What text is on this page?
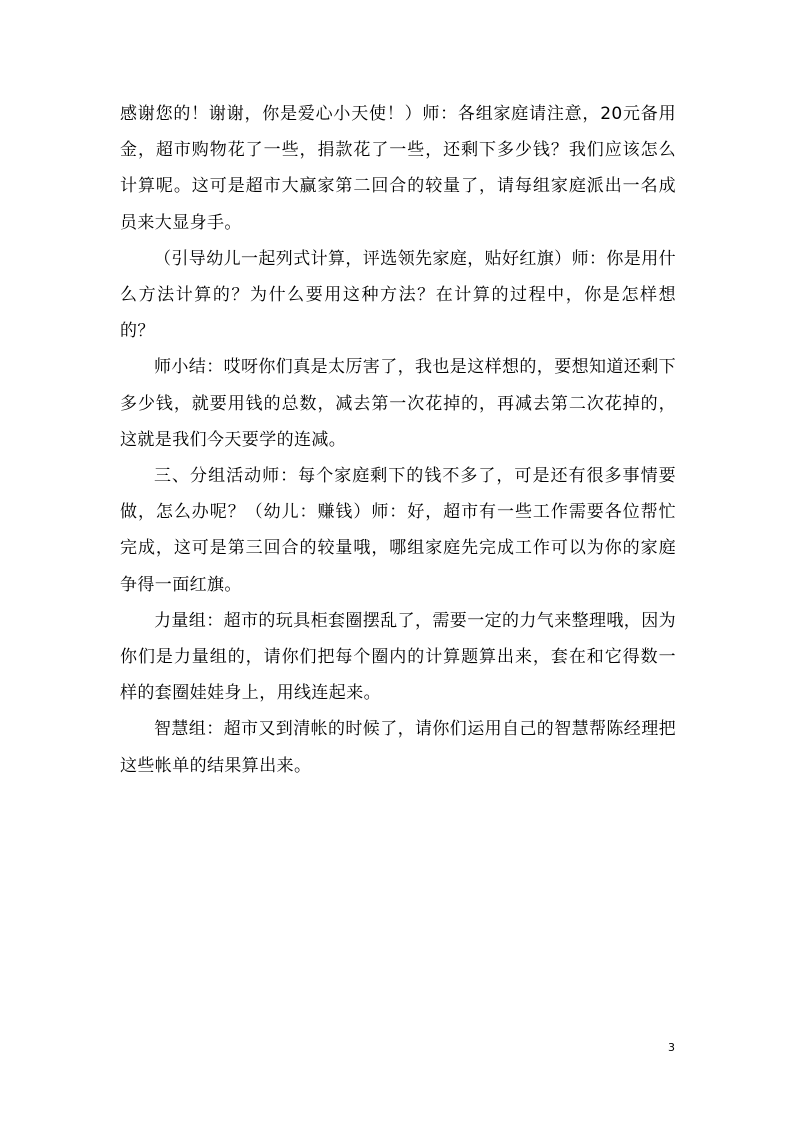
感谢您的！谢谢，你是爱心小天使！）师：各组家庭请注意，20元备用金，超市购物花了一些，捐款花了一些，还剩下多少钱？我们应该怎么计算呢。这可是超市大赢家第二回合的较量了，请每组家庭派出一名成员来大显身手。

（引导幼儿一起列式计算，评选领先家庭，贴好红旗）师：你是用什么方法计算的？为什么要用这种方法？在计算的过程中，你是怎样想的？

师小结：哎呀你们真是太厉害了，我也是这样想的，要想知道还剩下多少钱，就要用钱的总数，减去第一次花掉的，再减去第二次花掉的，这就是我们今天要学的连减。

三、分组活动师：每个家庭剩下的钱不多了，可是还有很多事情要做，怎么办呢？（幼儿：赚钱）师：好，超市有一些工作需要各位帮忙完成，这可是第三回合的较量哦，哪组家庭先完成工作可以为你的家庭争得一面红旗。

力量组：超市的玩具柜套圈摆乱了，需要一定的力气来整理哦，因为你们是力量组的，请你们把每个圈内的计算题算出来，套在和它得数一样的套圈娃娃身上，用线连起来。

智慧组：超市又到清帐的时候了，请你们运用自己的智慧帮陈经理把这些帐单的结果算出来。

3
